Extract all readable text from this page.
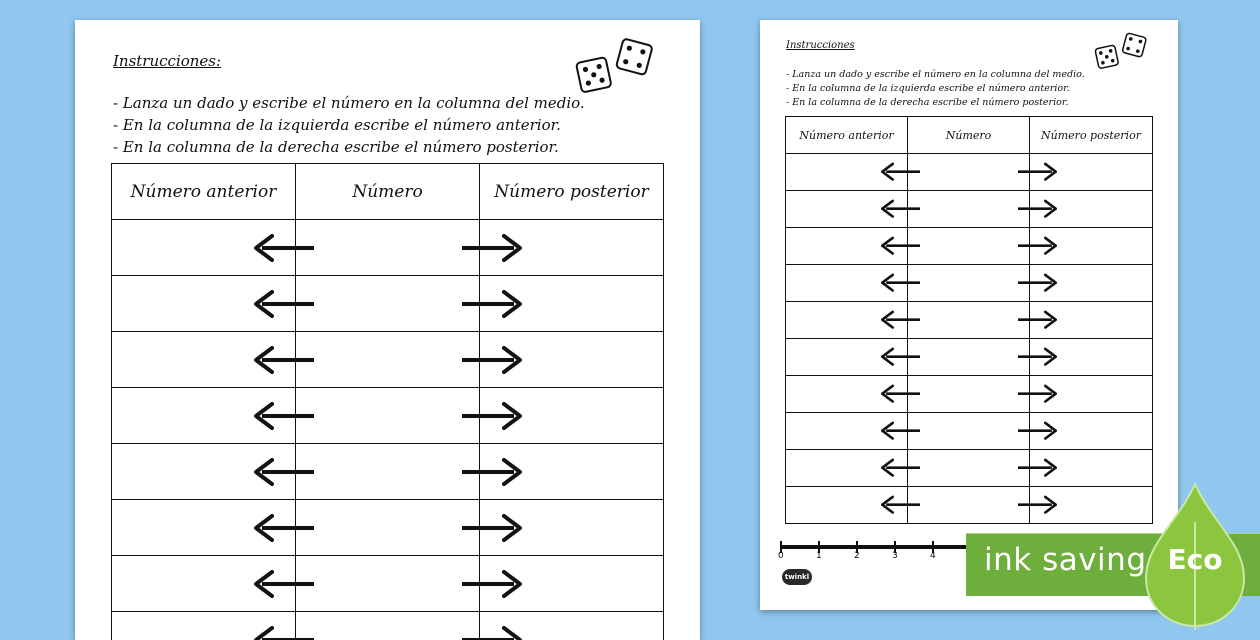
Instrucciones:
- Lanza un dado y escribe el número en la columna del medio.
- En la columna de la izquierda escribe el número anterior.
- En la columna de la derecha escribe el número posterior.
Número anterior	Número	Número posterior

Instrucciones
- Lanza un dado y escribe el número en la columna del medio.
- En la columna de la izquierda escribe el número anterior.
- En la columna de la derecha escribe el número posterior.
Número anterior	Número	Número posterior

0	1	2	3	4
twinkl	ink saving Eco
